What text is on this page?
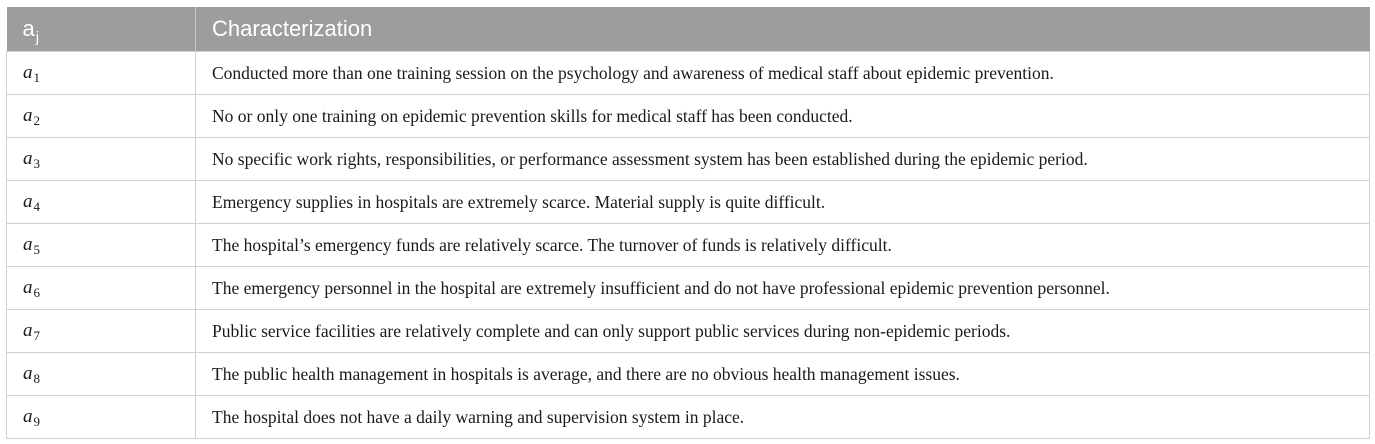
$a_j$	Characterization
$a_1$	Conducted more than one training session on the psychology and awareness of medical staff about epidemic prevention.
$a_2$	No or only one training on epidemic prevention skills for medical staff has been conducted.
$a_3$	No specific work rights, responsibilities, or performance assessment system has been established during the epidemic period.
$a_4$	Emergency supplies in hospitals are extremely scarce. Material supply is quite difficult.
$a_5$	The hospital’s emergency funds are relatively scarce. The turnover of funds is relatively difficult.
$a_6$	The emergency personnel in the hospital are extremely insufficient and do not have professional epidemic prevention personnel.
$a_7$	Public service facilities are relatively complete and can only support public services during non-epidemic periods.
$a_8$	The public health management in hospitals is average, and there are no obvious health management issues.
$a_9$	The hospital does not have a daily warning and supervision system in place.
